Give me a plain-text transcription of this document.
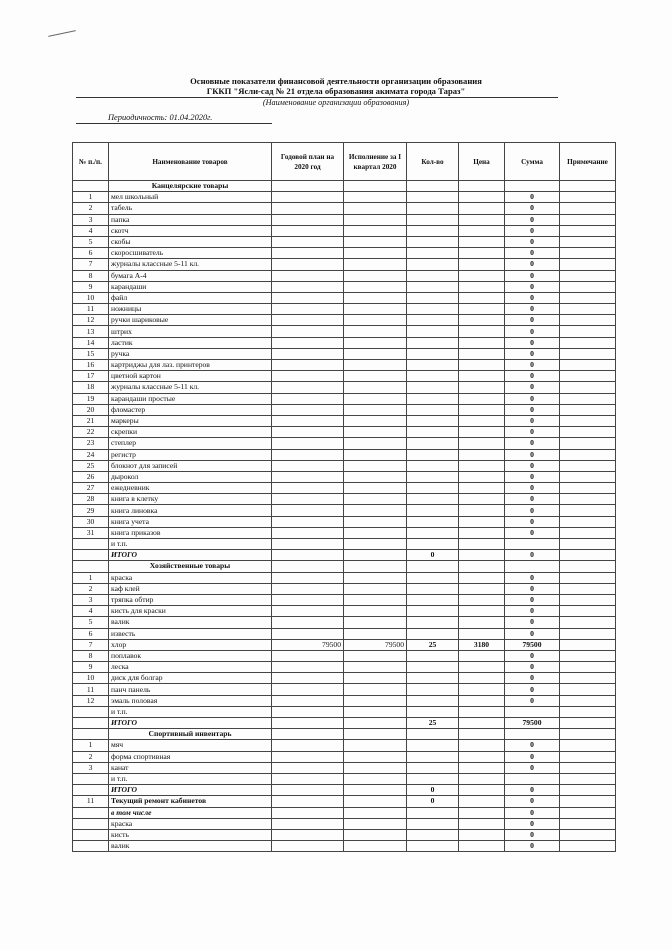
Основные показатели финансовой деятельности организации образования
ГККП "Ясли-сад № 21 отдела образования акимата города Тараз"
(Наименование организации образования)
Периодичность: 01.04.2020г.
№ п./п.	Наименование товаров	Годовой план на 2020 год	Исполнение за I квартал 2020	Кол-во	Цена	Сумма	Примечание
	Канцелярские товары						
1	мел школьный					0	
2	табель					0	
3	папка					0	
4	скотч					0	
5	скобы					0	
6	скоросшиватель					0	
7	журналы классные 5-11 кл.					0	
8	бумага А-4					0	
9	карандаши					0	
10	файл					0	
11	ножницы					0	
12	ручки шариковые					0	
13	штрих					0	
14	ластик					0	
15	ручка					0	
16	картриджы для лаз. принтеров					0	
17	цветной картон					0	
18	журналы классные 5-11 кл.					0	
19	карандаши простые					0	
20	фломастер					0	
21	маркеры					0	
22	скрепки					0	
23	степлер					0	
24	регистр					0	
25	блокнот для записей					0	
26	дырокол					0	
27	ежедневник					0	
28	книга в клетку					0	
29	книга линовка					0	
30	книга учета					0	
31	книга приказов					0	
	и т.п.						
	ИТОГО			0		0	
	Хозяйственные товары						
1	краска					0	
2	каф клей					0	
3	тряпка обтир					0	
4	кисть для краски					0	
5	валик					0	
6	известь					0	
7	хлор	79500	79500	25	3180	79500	
8	поплавок					0	
9	леска					0	
10	диск для болгар					0	
11	панч панель					0	
12	эмаль половая					0	
	и т.п.						
	ИТОГО			25		79500	
	Спортивный инвентарь						
1	мяч					0	
2	форма спортивная					0	
3	канат					0	
	и т.п.						
	ИТОГО			0		0	
11	Текущий ремонт кабинетов			0		0	
	в том числе					0	
	краска					0	
	кисть					0	
	валик					0	
